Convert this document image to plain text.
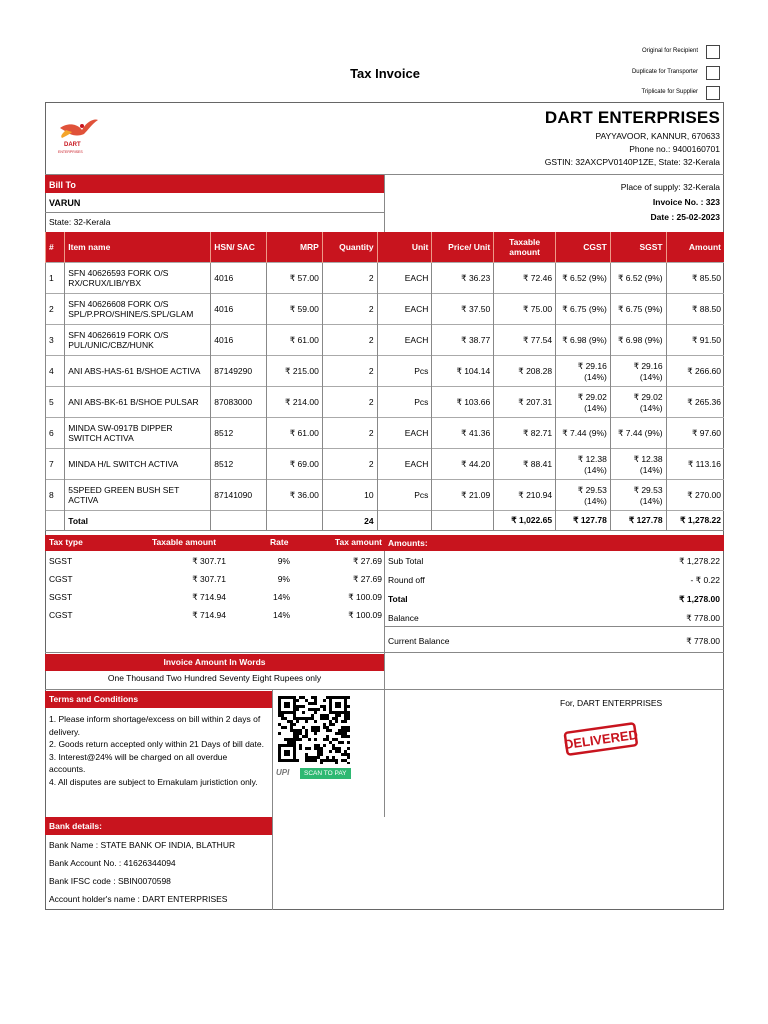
Original for Recipient
Duplicate for Transporter
Triplicate for Supplier
Tax Invoice
DART
ENTERPRISES
DART ENTERPRISES
PAYYAVOOR, KANNUR, 670633
Phone no.: 9400160701
GSTIN: 32AXCPV0140P1ZE, State: 32-Kerala
Bill To
VARUN
State: 32-Kerala
Place of supply: 32-Kerala
Invoice No. : 323
Date : 25-02-2023
#	Item name	HSN/ SAC	MRP	Quantity	Unit	Price/ Unit	Taxable amount	CGST	SGST	Amount
1	SFN 40626593 FORK O/S RX/CRUX/LIB/YBX	4016	₹ 57.00	2	EACH	₹ 36.23	₹ 72.46	₹ 6.52 (9%)	₹ 6.52 (9%)	₹ 85.50
2	SFN 40626608 FORK O/S SPL/P.PRO/SHINE/S.SPL/GLAM	4016	₹ 59.00	2	EACH	₹ 37.50	₹ 75.00	₹ 6.75 (9%)	₹ 6.75 (9%)	₹ 88.50
3	SFN 40626619 FORK O/S PUL/UNIC/CBZ/HUNK	4016	₹ 61.00	2	EACH	₹ 38.77	₹ 77.54	₹ 6.98 (9%)	₹ 6.98 (9%)	₹ 91.50
4	ANI ABS-HAS-61 B/SHOE ACTIVA	87149290	₹ 215.00	2	Pcs	₹ 104.14	₹ 208.28	₹ 29.16 (14%)	₹ 29.16 (14%)	₹ 266.60
5	ANI ABS-BK-61 B/SHOE PULSAR	87083000	₹ 214.00	2	Pcs	₹ 103.66	₹ 207.31	₹ 29.02 (14%)	₹ 29.02 (14%)	₹ 265.36
6	MINDA SW-0917B DIPPER SWITCH ACTIVA	8512	₹ 61.00	2	EACH	₹ 41.36	₹ 82.71	₹ 7.44 (9%)	₹ 7.44 (9%)	₹ 97.60
7	MINDA H/L SWITCH ACTIVA	8512	₹ 69.00	2	EACH	₹ 44.20	₹ 88.41	₹ 12.38 (14%)	₹ 12.38 (14%)	₹ 113.16
8	5SPEED GREEN BUSH SET ACTIVA	87141090	₹ 36.00	10	Pcs	₹ 21.09	₹ 210.94	₹ 29.53 (14%)	₹ 29.53 (14%)	₹ 270.00
	Total			24			₹ 1,022.65	₹ 127.78	₹ 127.78	₹ 1,278.22
Tax type	Taxable amount	Rate	Tax amount
SGST	₹ 307.71	9%	₹ 27.69
CGST	₹ 307.71	9%	₹ 27.69
SGST	₹ 714.94	14%	₹ 100.09
CGST	₹ 714.94	14%	₹ 100.09
Amounts:
Sub Total	₹ 1,278.22
Round off	- ₹ 0.22
Total	₹ 1,278.00
Balance	₹ 778.00
Current Balance	₹ 778.00
Invoice Amount In Words
One Thousand Two Hundred Seventy Eight Rupees only
Terms and Conditions
1. Please inform shortage/excess on bill within 2 days of delivery.
2. Goods return accepted only within 21 Days of bill date.
3. Interest@24% will be charged on all overdue accounts.
4. All disputes are subject to Ernakulam juristiction only.
UPI	SCAN TO PAY
For, DART ENTERPRISES
DELIVERED
Bank details:
Bank Name : STATE BANK OF INDIA, BLATHUR
Bank Account No. : 41626344094
Bank IFSC code : SBIN0070598
Account holder's name : DART ENTERPRISES
